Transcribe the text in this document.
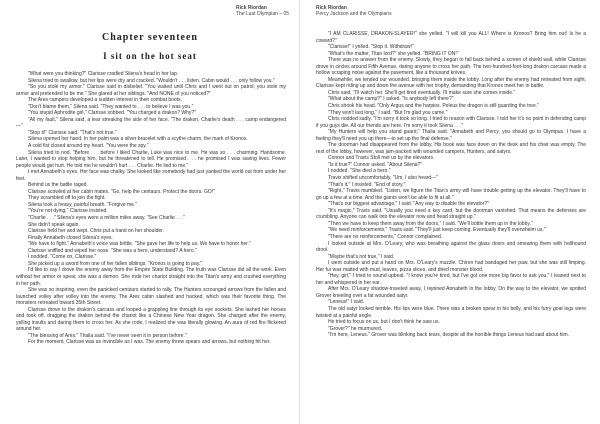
Rick Riordan
The Last Olympian – 05
Chapter seventeen
I sit on the hot seat

"What were you thinking?" Clarisse cradled Silena's head in her lap.

Silena tried to swallow, but her lips were dry and cracked. "Wouldn't . . . listen. Cabin would . . . only follow you."

"So you stole my armor." Clarisse said in disbelief. "You waited until Chris and I went out on patrol; you stole my armor and pretended to be me." She glared at her siblings. "And NONE of you noticed?"

The Ares campers developed a sudden interest in their combat boots.

"Don't blame them," Silena said. "They wanted to . . . to believe I was you."

"You stupid Aphrodite girl," Clarisse sobbed. "You charged a drakon? Why?"

"All my fault," Silena said, a tear streaking the side of her face. "The drakon, Charlie's death . . . camp endangered—"

"Stop it!" Clarisse said. "That's not true."

Silena opened her hand. In her palm was a silver bracelet with a scythe charm, the mark of Kronos.

A cold fist closed around my heart. "You were the spy."

Silena tried to nod. "Before . . . before I liked Charlie, Luke was nice to me. He was so . . . charming. Handsome. Later, I wanted to stop helping him, but he threatened to tell. He promised . . . he promised I was saving lives. Fewer people would get hurt. He told me he wouldn't hurt . . . Charlie. He lied to me."

I met Annabeth's eyes. Her face was chalky. She looked like somebody had just yanked the world out from under her feet.

Behind us the battle raged.

Clarisse scowled at her cabin mates. "Go, help the centaurs. Protect the doors. GO!"

They scrambled off to join the fight.

Silena took a heavy, painful breath. "Forgive me."

"You're not dying," Clarisse insisted.

"Charlie . . ." Silena's eyes were a million miles away. "See Charlie . . ."

She didn't speak again.

Clarisse held her and wept. Chris put a hand on her shoulder.

Finally Annabeth closed Silena's eyes.

"We have to fight." Annabeth's voice was brittle. "She gave her life to help us. We have to honor her."

Clarisse sniffled and wiped her nose. "She was a hero, understand? A hero."

I nodded. "Come on, Clarisse."

She picked up a sword from one of her fallen siblings. "Kronos is going to pay."

I'd like to say I drove the enemy away from the Empire State Building. The truth was Clarisse did all the work. Even without her armor or spear, she was a demon. She rode her chariot straight into the Titan's army and crushed everything in her path.

She was so inspiring, even the panicked centaurs started to rally. The Hunters scrounged arrows from the fallen and launched volley after volley into the enemy. The Ares cabin slashed and hacked, which was their favorite thing. The monsters retreated toward 35th Street.

Clarisse drove to the drakon's carcass and looped a grappling line through its eye sockets. She lashed her horses and took off, dragging the drakon behind the chariot like a Chinese New Year dragon. She charged after the enemy, yelling insults and daring them to cross her. As she rode, I realized she was literally glowing. An aura of red fire flickered around her.

"The blessing of Ares," Thalia said. "I've never seen it in person before."

For the moment, Clarisse was as invincible as I was. The enemy threw spears and arrows, but nothing hit her.

Rick Riordan
Percy Jackson and the Olympians

"I AM CLARISSE, DRAKON-SLAYER!" she yelled. "I will kill you ALL! Where is Kronos? Bring him out! Is he a coward?"

"Clarisse!" I yelled. "Stop it. Withdraw!"

"What's the matter, Titan lord?" she yelled. "BRING IT ON!"

There was no answer from the enemy. Slowly, they began to fall back behind a screen of shield wall, while Clarisse drove in circles around Fifth Avenue, daring anyone to cross her path. The two-hundred-foot-long drakon carcass made a hollow scraping noise against the pavement, like a thousand knives.

Meanwhile, we tended our wounded, bringing them inside the lobby. Long after the enemy had retreated from sight, Clarisse kept riding up and down the avenue with her trophy, demanding that Kronos meet her in battle.

Chris said, "I'll watch her. She'll get tired eventually. I'll make sure she comes inside."

"What about the camp?" I asked. "Is anybody left there?"

Chris shook his head. "Only Argus and the harpies. Peleus the dragon is still guarding the tree."

"They won't last long," I said. "But I'm glad you came."

Chris nodded sadly. "I'm sorry it took so long. I tried to reason with Clarisse. I told her it's no point in defending camp if you guys die. All our friends are here. I'm sorry it took Silena . . ."

"My Hunters will help you stand guard," Thalia said. "Annabeth and Percy, you should go to Olympus. I have a feeling they'll need you up there—to set up the final defense."

The doorman had disappeared from the lobby. His book was face down on the desk and his chair was empty. The rest of the lobby, however, was jam-packed with wounded campers, Hunters, and satyrs.

Connor and Travis Stoll met us by the elevators.

"Is it true?" Connor asked. "About Silena?"

I nodded. "She died a hero."

Travis shifted uncomfortably. "Um, I also heard—"

"That's it," I insisted. "End of story."

"Right," Travis mumbled. "Listen, we figure the Titan's army will have trouble getting up the elevator. They'll have to go up a few at a time. And the giants won't be able to fit at all."

"That's our biggest advantage," I said. "Any way to disable the elevator?"

"It's magic," Travis said. "Usually you need a key card, but the doorman vanished. That means the defenses are crumbling. Anyone can walk into the elevator now and head straight up."

"Then we have to keep them away from the doors," I said. "We'll bottle them up in the lobby."

"We need reinforcements," Travis said. "They'll just keep coming. Eventually they'll overwhelm us."

"There are no reinforcements," Connor complained.

I looked outside at Mrs. O'Leary, who was breathing against the glass doors and smearing them with hellhound drool.

"Maybe that's not true," I said.

I went outside and put a hand on Mrs. O'Leary's muzzle. Chiron had bandaged her paw, but she was still limping. Her fur was matted with mud, leaves, pizza slices, and dried monster blood.

"Hey, girl," I tried to sound upbeat. "I know you're tired, but I've got one more big favor to ask you." I leaned next to her and whispered in her ear.

After Mrs. O'Leary shadow-traveled away, I rejoined Annabeth in the lobby. On the way to the elevator, we spotted Grover kneeling over a fat wounded satyr.

"Leneus!" I said.

The old satyr looked terrible. His lips were blue. There was a broken spear in his belly, and his furry goat legs were twisted at a painful angle.

He tried to focus on us, but I don't think he saw us.

"Grover?" he murmured.

"I'm here, Leneus." Grover was blinking back tears, despite all the horrible things Leneus had said about him.
